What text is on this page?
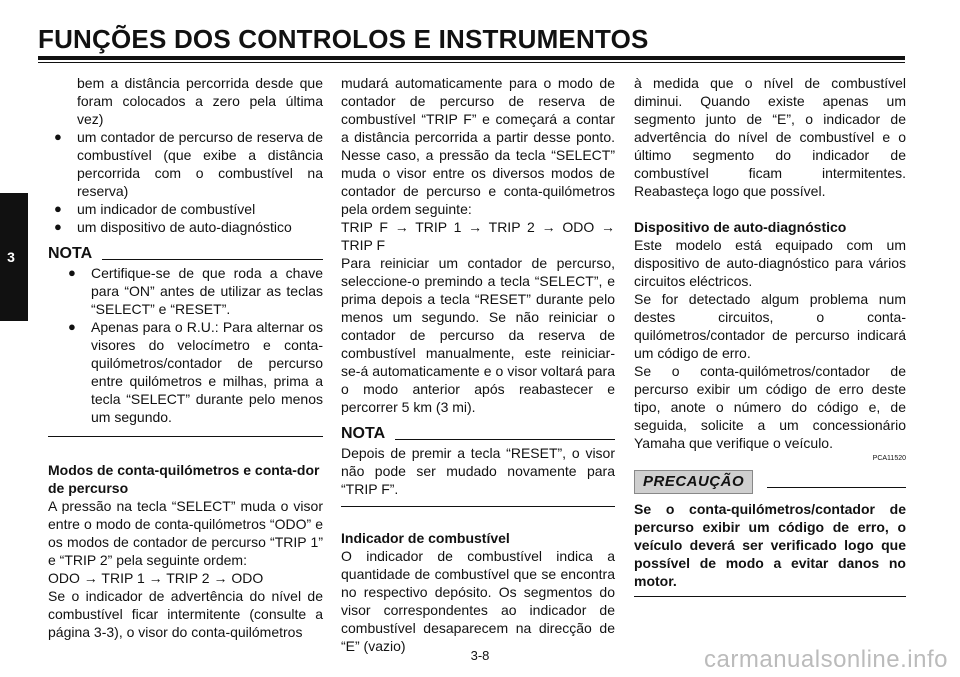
FUNÇÕES DOS CONTROLOS E INSTRUMENTOS
3

bem a distância percorrida desde que foram colocados a zero pela última vez)

● um contador de percurso de reserva de combustível (que exibe a distância percorrida com o combustível na reserva)
● um indicador de combustível
● um dispositivo de auto-diagnóstico
NOTA
● Certifique-se de que roda a chave para “ON” antes de utilizar as teclas “SELECT” e “RESET”.
● Apenas para o R.U.: Para alternar os visores do velocímetro e conta-quilómetros/contador de percurso entre quilómetros e milhas, prima a tecla “SELECT” durante pelo menos um segundo.
Modos de conta-quilómetros e conta-dor de percurso

A pressão na tecla “SELECT” muda o visor entre o modo de conta-quilómetros “ODO” e os modos de contador de percurso “TRIP 1” e “TRIP 2” pela seguinte ordem:

ODO → TRIP 1 → TRIP 2 → ODO

Se o indicador de advertência do nível de combustível ficar intermitente (consulte a página 3-3), o visor do conta-quilómetros

mudará automaticamente para o modo de contador de percurso de reserva de combustível “TRIP F” e começará a contar a distância percorrida a partir desse ponto. Nesse caso, a pressão da tecla “SELECT” muda o visor entre os diversos modos de contador de percurso e conta-quilómetros pela ordem seguinte:

TRIP F → TRIP 1 → TRIP 2 → ODO → TRIP F

Para reiniciar um contador de percurso, seleccione-o premindo a tecla “SELECT”, e prima depois a tecla “RESET” durante pelo menos um segundo. Se não reiniciar o contador de percurso da reserva de combustível manualmente, este reiniciar-se-á automaticamente e o visor voltará para o modo anterior após reabastecer e percorrer 5 km (3 mi).

NOTA

Depois de premir a tecla “RESET”, o visor não pode ser mudado novamente para “TRIP F”.

Indicador de combustível

O indicador de combustível indica a quantidade de combustível que se encontra no respectivo depósito. Os segmentos do visor correspondentes ao indicador de combustível desaparecem na direcção de “E” (vazio)

à medida que o nível de combustível diminui. Quando existe apenas um segmento junto de “E”, o indicador de advertência do nível de combustível e o último segmento do indicador de combustível ficam intermitentes. Reabasteça logo que possível.

Dispositivo de auto-diagnóstico

Este modelo está equipado com um dispositivo de auto-diagnóstico para vários circuitos eléctricos.

Se for detectado algum problema num destes circuitos, o conta-quilómetros/contador de percurso indicará um código de erro.

Se o conta-quilómetros/contador de percurso exibir um código de erro deste tipo, anote o número do código e, de seguida, solicite a um concessionário Yamaha que verifique o veículo.

PCA11520
PRECAUÇÃO

Se o conta-quilómetros/contador de percurso exibir um código de erro, o veículo deverá ser verificado logo que possível de modo a evitar danos no motor.

3-8	carmanualsonline.info
